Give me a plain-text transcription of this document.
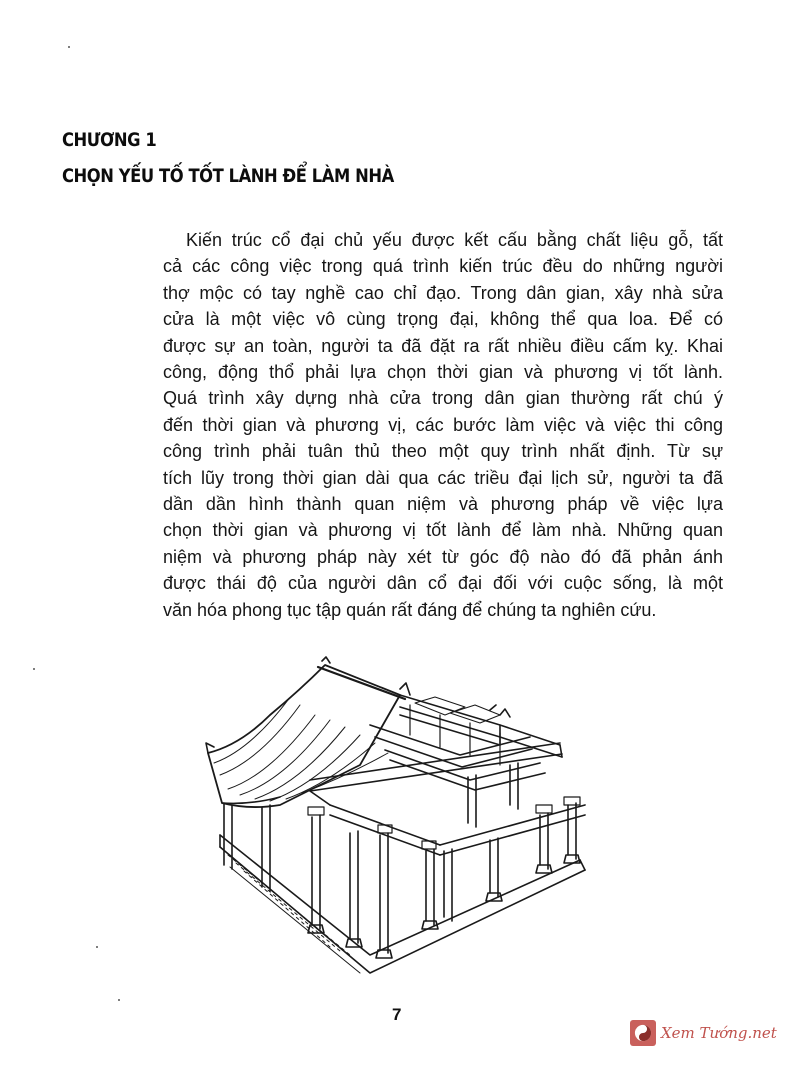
CHƯƠNG 1
CHỌN YẾU TỐ TỐT LÀNH ĐỂ LÀM NHÀ
Kiến trúc cổ đại chủ yếu được kết cấu bằng chất liệu gỗ, tất
cả các công việc trong quá trình kiến trúc đều do những người
thợ mộc có tay nghề cao chỉ đạo. Trong dân gian, xây nhà sửa
cửa là một việc vô cùng trọng đại, không thể qua loa. Để có
được sự an toàn, người ta đã đặt ra rất nhiều điều cấm kỵ. Khai
công, động thổ phải lựa chọn thời gian và phương vị tốt lành.
Quá trình xây dựng nhà cửa trong dân gian thường rất chú ý
đến thời gian và phương vị, các bước làm việc và việc thi công
công trình phải tuân thủ theo một quy trình nhất định. Từ sự
tích lũy trong thời gian dài qua các triều đại lịch sử, người ta đã
dần dần hình thành quan niệm và phương pháp về việc lựa
chọn thời gian và phương vị tốt lành để làm nhà. Những quan
niệm và phương pháp này xét từ góc độ nào đó đã phản ánh
được thái độ của người dân cổ đại đối với cuộc sống, là một
văn hóa phong tục tập quán rất đáng để chúng ta nghiên cứu.
7
Xem Tướng.net
